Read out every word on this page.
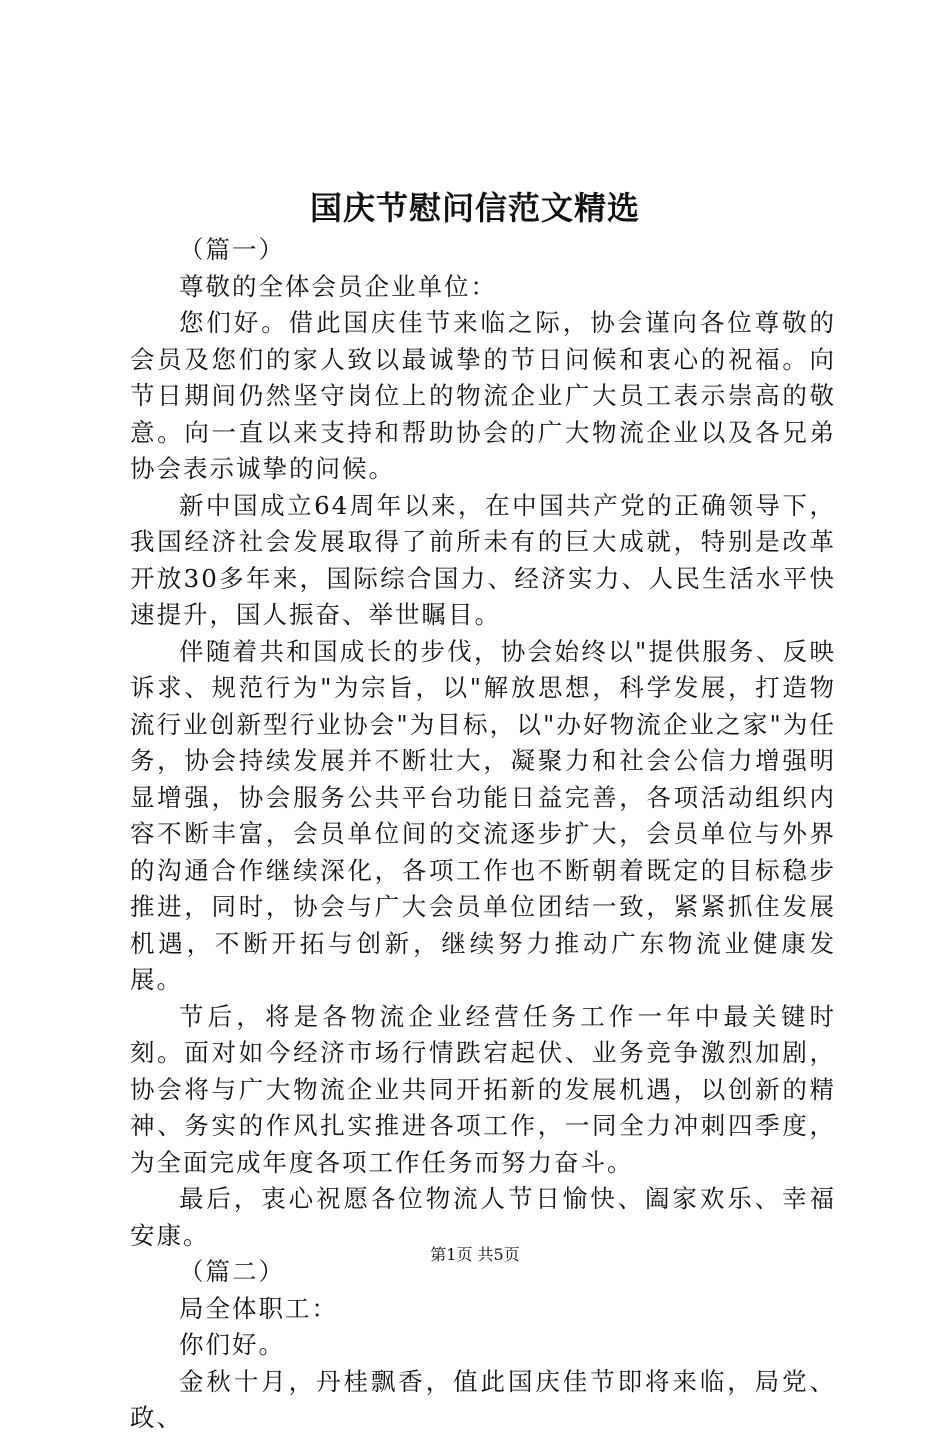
国庆节慰问信范文精选

（篇一）

尊敬的全体会员企业单位：

您们好。借此国庆佳节来临之际，协会谨向各位尊敬的会员及您们的家人致以最诚挚的节日问候和衷心的祝福。向节日期间仍然坚守岗位上的物流企业广大员工表示崇高的敬意。向一直以来支持和帮助协会的广大物流企业以及各兄弟协会表示诚挚的问候。

新中国成立64周年以来，在中国共产党的正确领导下，我国经济社会发展取得了前所未有的巨大成就，特别是改革开放30多年来，国际综合国力、经济实力、人民生活水平快速提升，国人振奋、举世瞩目。

伴随着共和国成长的步伐，协会始终以"提供服务、反映诉求、规范行为"为宗旨，以"解放思想，科学发展，打造物流行业创新型行业协会"为目标，以"办好物流企业之家"为任务，协会持续发展并不断壮大，凝聚力和社会公信力增强明显增强，协会服务公共平台功能日益完善，各项活动组织内容不断丰富，会员单位间的交流逐步扩大，会员单位与外界的沟通合作继续深化，各项工作也不断朝着既定的目标稳步推进，同时，协会与广大会员单位团结一致，紧紧抓住发展机遇，不断开拓与创新，继续努力推动广东物流业健康发展。

节后，将是各物流企业经营任务工作一年中最关键时刻。面对如今经济市场行情跌宕起伏、业务竞争激烈加剧，协会将与广大物流企业共同开拓新的发展机遇，以创新的精神、务实的作风扎实推进各项工作，一同全力冲刺四季度，为全面完成年度各项工作任务而努力奋斗。

最后，衷心祝愿各位物流人节日愉快、阖家欢乐、幸福安康。

（篇二）

局全体职工：

你们好。

金秋十月，丹桂飘香，值此国庆佳节即将来临，局党、政、

第1页 共5页
